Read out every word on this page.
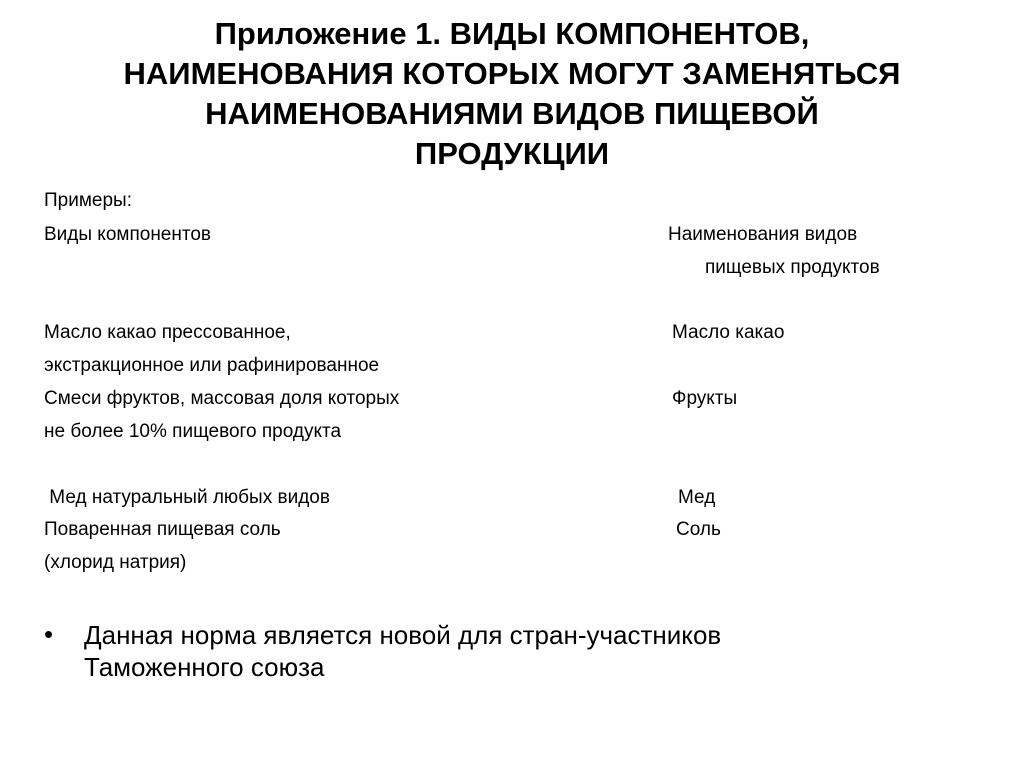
Приложение 1. ВИДЫ КОМПОНЕНТОВ,
НАИМЕНОВАНИЯ КОТОРЫХ МОГУТ ЗАМЕНЯТЬСЯ
НАИМЕНОВАНИЯМИ ВИДОВ ПИЩЕВОЙ
ПРОДУКЦИИ
Примеры:
Виды компонентов	Наименования видов
пищевых продуктов
Масло какао прессованное,
экстракционное или рафинированное
Масло какао
Смеси фруктов, массовая доля которых
не более 10% пищевого продукта
Фрукты
Мед натуральный любых видов	Мед
Поваренная пищевая соль
(хлорид натрия)
Соль
• Данная норма является новой для стран-участников
Таможенного союза
